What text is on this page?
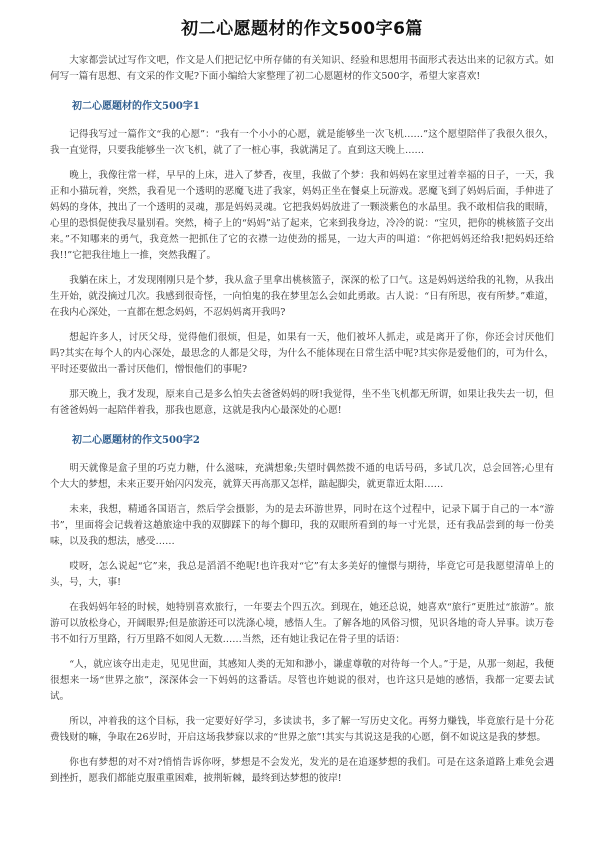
初二心愿题材的作文500字6篇

大家都尝试过写作文吧，作文是人们把记忆中所存储的有关知识、经验和思想用书面形式表达出来的记叙方式。如何写一篇有思想、有文采的作文呢?下面小编给大家整理了初二心愿题材的作文500字，希望大家喜欢!

初二心愿题材的作文500字1

记得我写过一篇作文“我的心愿”：“我有一个小小的心愿，就是能够坐一次飞机……”这个愿望陪伴了我很久很久，我一直觉得，只要我能够坐一次飞机，就了了一桩心事，我就满足了。直到这天晚上……

晚上，我像往常一样，早早的上床，进入了梦香，夜里，我做了个梦：我和妈妈在家里过着幸福的日子，一天，我正和小猫玩着，突然，我看见一个透明的恶魔飞进了我家，妈妈正坐在餐桌上玩游戏。恶魔飞到了妈妈后面，手伸进了妈妈的身体，拽出了一个透明的灵魂，那是妈妈灵魂。它把我妈妈放进了一颗淡紫色的水晶里。我不敢相信我的眼睛，心里的恐惧促使我尽量别看。突然，椅子上的“妈妈”站了起来，它来到我身边，冷冷的说：“宝贝，把你的桃核篮子交出来。”不知哪来的勇气，我竟然一把抓住了它的衣襟一边使劲的摇晃，一边大声的叫道：“你把妈妈还给我!把妈妈还给我!!”它把我往地上一推，突然我醒了。

我躺在床上，才发现刚刚只是个梦，我从盒子里拿出桃核篮子，深深的松了口气。这是妈妈送给我的礼物，从我出生开始，就没摘过几次。我感到很奇怪，一向怕鬼的我在梦里怎么会如此勇敢。古人说：“日有所思，夜有所梦。”难道，在我内心深处，一直都在想念妈妈，不忍妈妈离开我吗?

想起许多人，讨厌父母，觉得他们很烦，但是，如果有一天，他们被坏人抓走，或是离开了你，你还会讨厌他们吗?其实在每个人的内心深处，最思念的人都是父母，为什么不能体现在日常生活中呢?其实你是爱他们的，可为什么，平时还要做出一番讨厌他们，憎恨他们的事呢?

那天晚上，我才发现，原来自己是多么怕失去爸爸妈妈的呀!我觉得，坐不坐飞机都无所谓，如果让我失去一切，但有爸爸妈妈一起陪伴着我，那我也愿意，这就是我内心最深处的心愿!

初二心愿题材的作文500字2

明天就像是盒子里的巧克力糖，什么滋味，充满想象;失望时偶然拨不通的电话号码，多试几次，总会回答;心里有个大大的梦想，未来正要开始闪闪发亮，就算天再高那又怎样，踮起脚尖，就更靠近太阳……

未来，我想，精通各国语言，然后学会摄影，为的是去环游世界，同时在这个过程中，记录下属于自己的一本“游书”，里面将会记载着这趟旅途中我的双脚踩下的每个脚印，我的双眼所看到的每一寸光景，还有我品尝到的每一份美味，以及我的想法，感受……

哎呀，怎么说起“它”来，我总是滔滔不绝呢!也许我对“它”有太多美好的憧憬与期待，毕竟它可是我愿望清单上的头，号，大，事!

在我妈妈年轻的时候，她特别喜欢旅行，一年要去个四五次。到现在，她还总说，她喜欢“旅行”更胜过“旅游”。旅游可以放松身心，开阔眼界;但是旅游还可以洗涤心境，感悟人生。了解各地的风俗习惯，见识各地的奇人异事。读万卷书不如行万里路，行万里路不如阅人无数……当然，还有她让我记在骨子里的话语：

“人，就应该夺出走走，见见世面，其感知人类的无知和渺小，谦虚尊敬的对待每一个人。”于是，从那一刻起，我便很想来一场“世界之旅”，深深体会一下妈妈的这番话。尽管也许她说的很对，也许这只是她的感悟，我都一定要去试试。

所以，冲着我的这个目标，我一定要好好学习，多读读书，多了解一写历史文化。再努力赚钱，毕竟旅行是十分花费钱财的嘛，争取在26岁时，开启这场我梦寐以求的“世界之旅”!其实与其说这是我的心愿，倒不如说这是我的梦想。

你也有梦想的对不对?悄悄告诉你呀，梦想是不会发光，发光的是在追逐梦想的我们。可是在这条道路上难免会遇到挫折，愿我们都能克服重重困难，披荆斩棘，最终到达梦想的彼岸!
